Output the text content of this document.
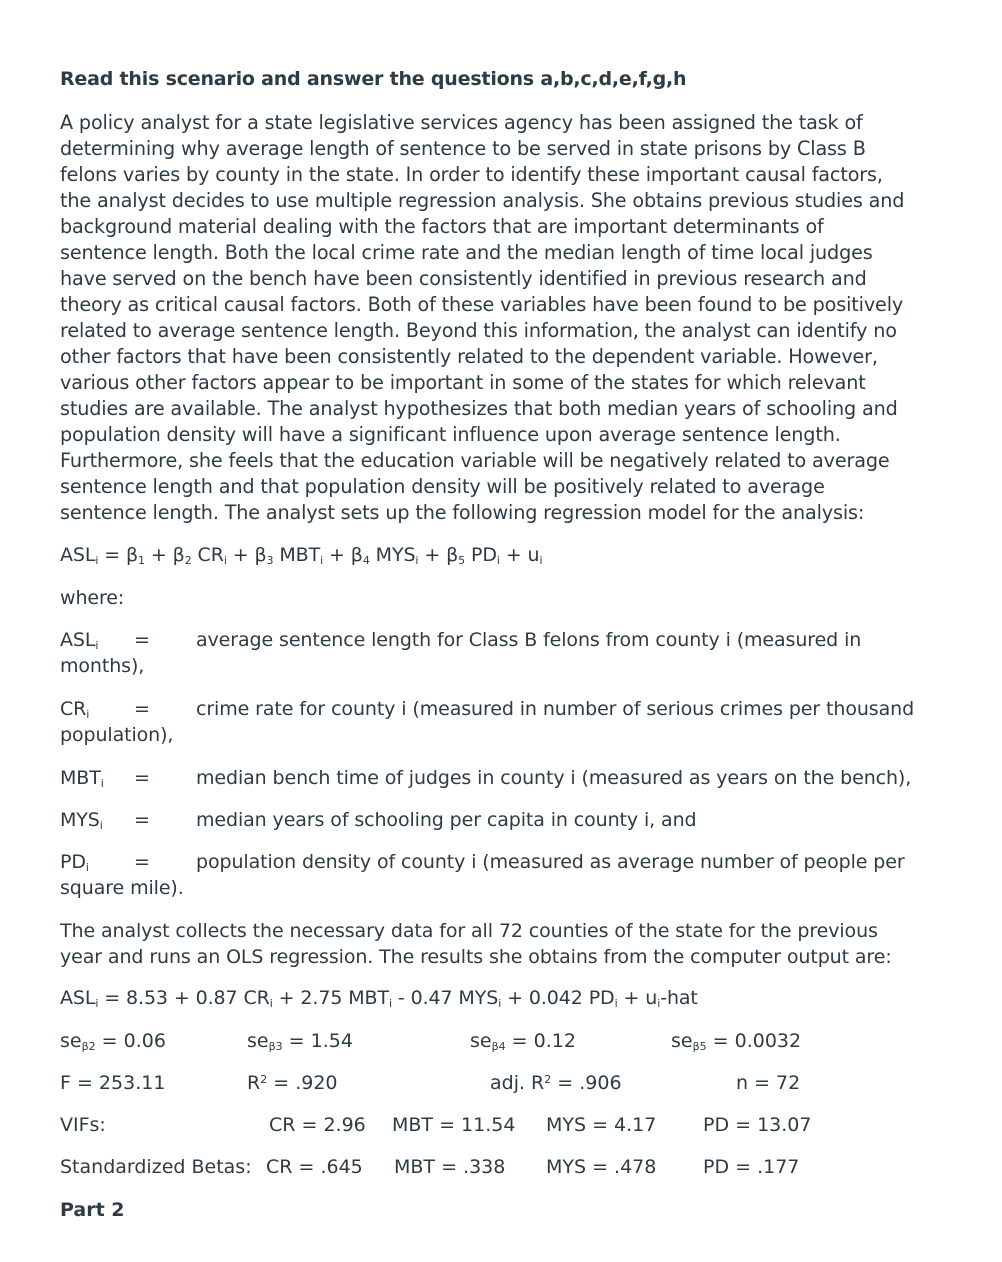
Read this scenario and answer the questions a,b,c,d,e,f,g,h
A policy analyst for a state legislative services agency has been assigned the task of determining why average length of sentence to be served in state prisons by Class B felons varies by county in the state. In order to identify these important causal factors, the analyst decides to use multiple regression analysis. She obtains previous studies and background material dealing with the factors that are important determinants of sentence length. Both the local crime rate and the median length of time local judges have served on the bench have been consistently identified in previous research and theory as critical causal factors. Both of these variables have been found to be positively related to average sentence length. Beyond this information, the analyst can identify no other factors that have been consistently related to the dependent variable. However, various other factors appear to be important in some of the states for which relevant studies are available. The analyst hypothesizes that both median years of schooling and population density will have a significant influence upon average sentence length. Furthermore, she feels that the education variable will be negatively related to average sentence length and that population density will be positively related to average sentence length. The analyst sets up the following regression model for the analysis:
$ASL_i = \beta_1 + \beta_2$ $CR_i + \beta_3$ $MBT_i + \beta_4$ $MYS_i + \beta_5$ $PD_i + u_i$
where:
$ASL_i$ = average sentence length for Class B felons from county i (measured in months),
$CR_i$ = crime rate for county i (measured in number of serious crimes per thousand population),
$MBT_i$ = median bench time of judges in county i (measured as years on the bench),
$MYS_i$ = median years of schooling per capita in county i, and
$PD_i$ = population density of county i (measured as average number of people per square mile).
The analyst collects the necessary data for all 72 counties of the state for the previous year and runs an OLS regression. The results she obtains from the computer output are:
$ASL_i = 8.53 + 0.87$ $CR_i + 2.75$ $MBT_i - 0.47$ $MYS_i + 0.042$ $PD_i + u_i-hat$
$se_{\beta 2} = 0.06$	$se_{\beta 3} = 1.54$	$se_{\beta 4} = 0.12$	$se_{\beta 5} = 0.0032$
F = 253.11	$R^2 = .920$	adj. $R^2 = .906$	n = 72
VIFs:	CR = 2.96 MBT = 11.54 MYS = 4.17 PD = 13.07
Standardized Betas: CR = .645 MBT = .338 MYS = .478 PD = .177
Part 2
